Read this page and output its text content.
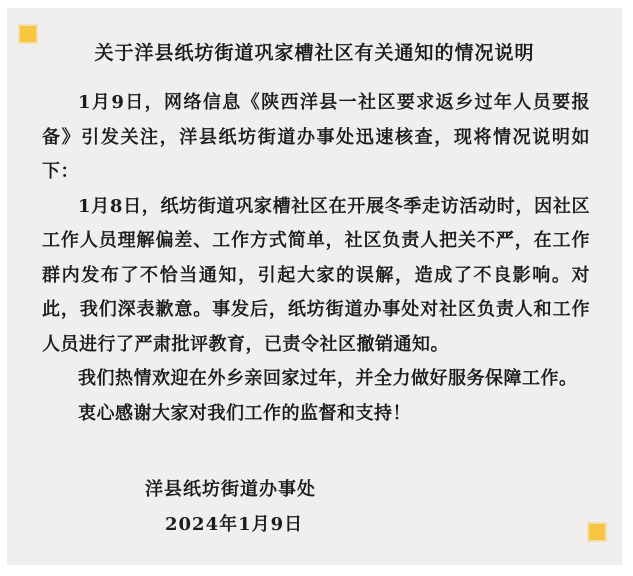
关于洋县纸坊街道巩家槽社区有关通知的情况说明

1月9日，网络信息《陕西洋县一社区要求返乡过年人员要报备》引发关注，洋县纸坊街道办事处迅速核查，现将情况说明如下：

1月8日，纸坊街道巩家槽社区在开展冬季走访活动时，因社区工作人员理解偏差、工作方式简单，社区负责人把关不严，在工作群内发布了不恰当通知，引起大家的误解，造成了不良影响。对此，我们深表歉意。事发后，纸坊街道办事处对社区负责人和工作人员进行了严肃批评教育，已责令社区撤销通知。

我们热情欢迎在外乡亲回家过年，并全力做好服务保障工作。

衷心感谢大家对我们工作的监督和支持！

洋县纸坊街道办事处
2024年1月9日
